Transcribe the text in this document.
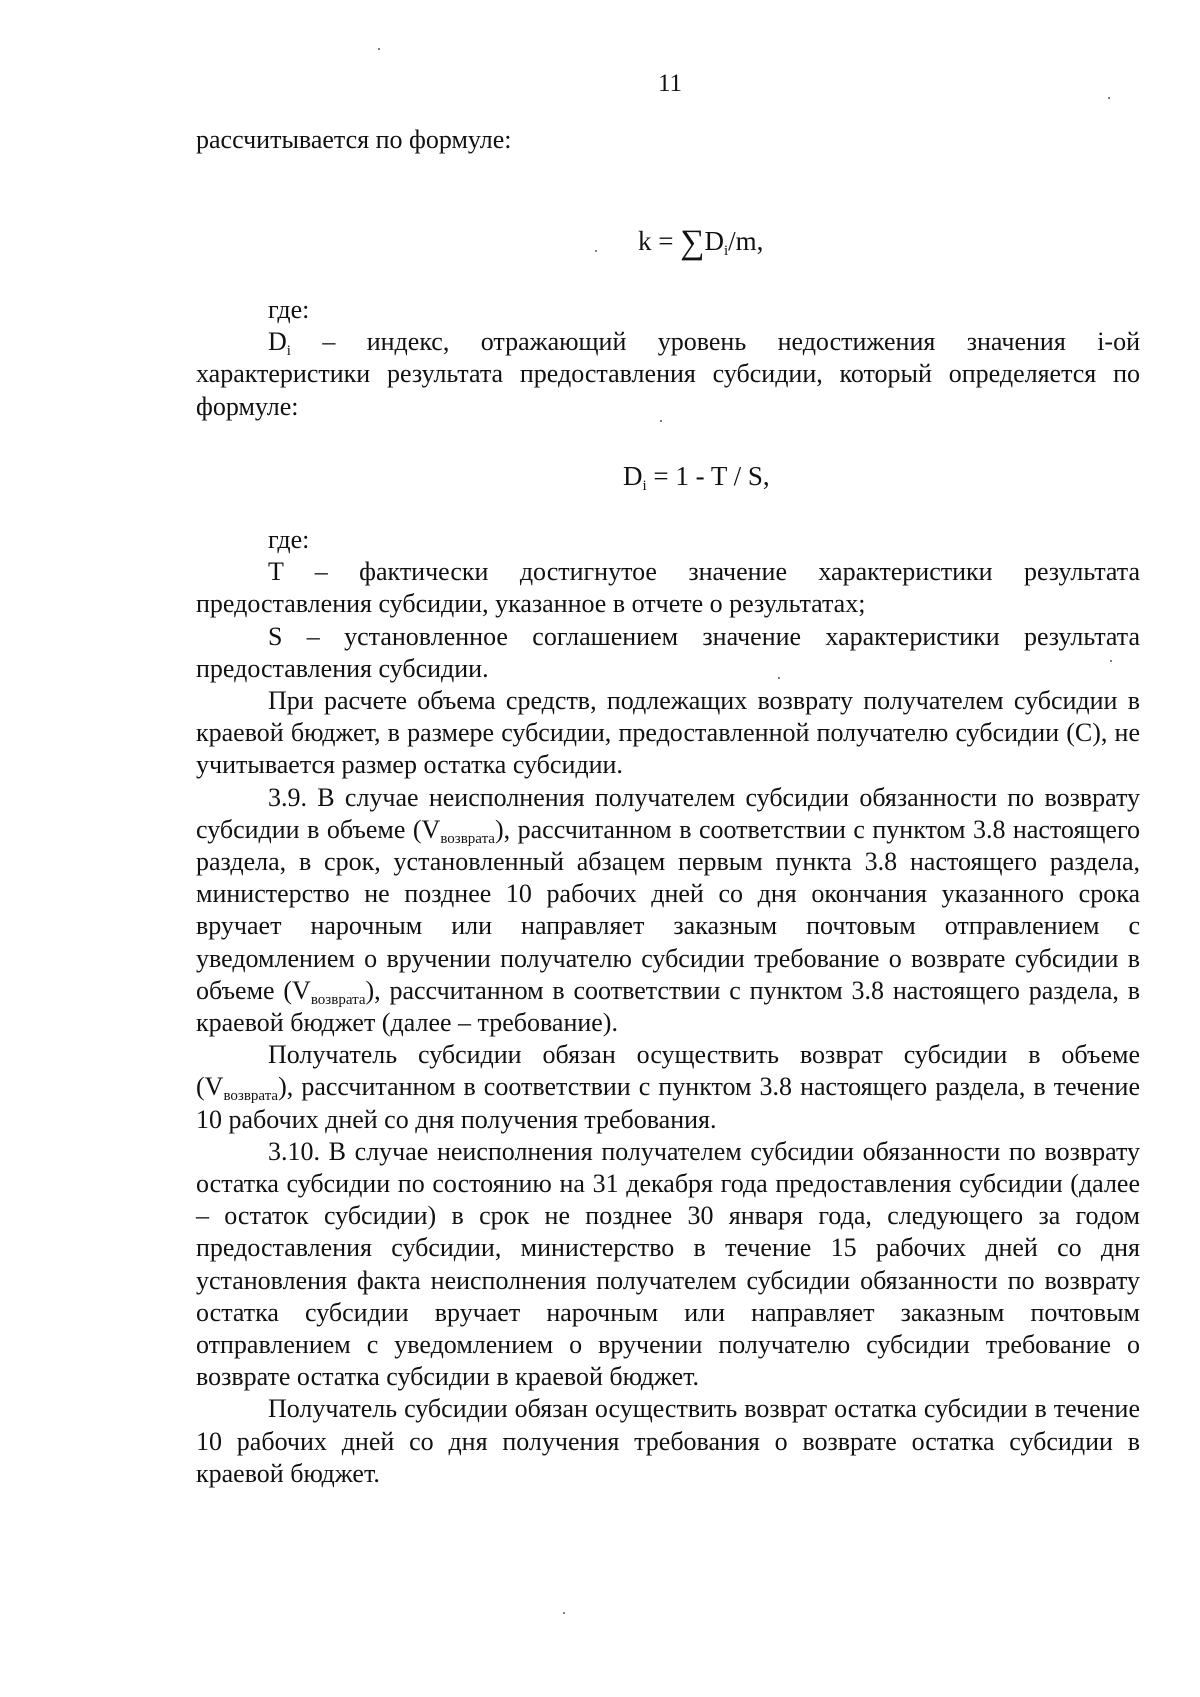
11

рассчитывается по формуле:

$k = \sum D_i/m$,

где:

$D_i$ – индекс, отражающий уровень недостижения значения i-ой характеристики результата предоставления субсидии, который определяется по формуле:

$D_i = 1 - T / S$,

где:

T – фактически достигнутое значение характеристики результата предоставления субсидии, указанное в отчете о результатах;

S – установленное соглашением значение характеристики результата предоставления субсидии.

При расчете объема средств, подлежащих возврату получателем субсидии в краевой бюджет, в размере субсидии, предоставленной получателю субсидии (С), не учитывается размер остатка субсидии.

3.9. В случае неисполнения получателем субсидии обязанности по возврату субсидии в объеме $(V_{возврата})$, рассчитанном в соответствии с пунктом 3.8 настоящего раздела, в срок, установленный абзацем первым пункта 3.8 настоящего раздела, министерство не позднее 10 рабочих дней со дня окончания указанного срока вручает нарочным или направляет заказным почтовым отправлением с уведомлением о вручении получателю субсидии требование о возврате субсидии в объеме $(V_{возврата})$, рассчитанном в соответствии с пунктом 3.8 настоящего раздела, в краевой бюджет (далее – требование).

Получатель субсидии обязан осуществить возврат субсидии в объеме $(V_{возврата})$, рассчитанном в соответствии с пунктом 3.8 настоящего раздела, в течение 10 рабочих дней со дня получения требования.

3.10. В случае неисполнения получателем субсидии обязанности по возврату остатка субсидии по состоянию на 31 декабря года предоставления субсидии (далее – остаток субсидии) в срок не позднее 30 января года, следующего за годом предоставления субсидии, министерство в течение 15 рабочих дней со дня установления факта неисполнения получателем субсидии обязанности по возврату остатка субсидии вручает нарочным или направляет заказным почтовым отправлением с уведомлением о вручении получателю субсидии требование о возврате остатка субсидии в краевой бюджет.

Получатель субсидии обязан осуществить возврат остатка субсидии в течение 10 рабочих дней со дня получения требования о возврате остатка субсидии в краевой бюджет.
